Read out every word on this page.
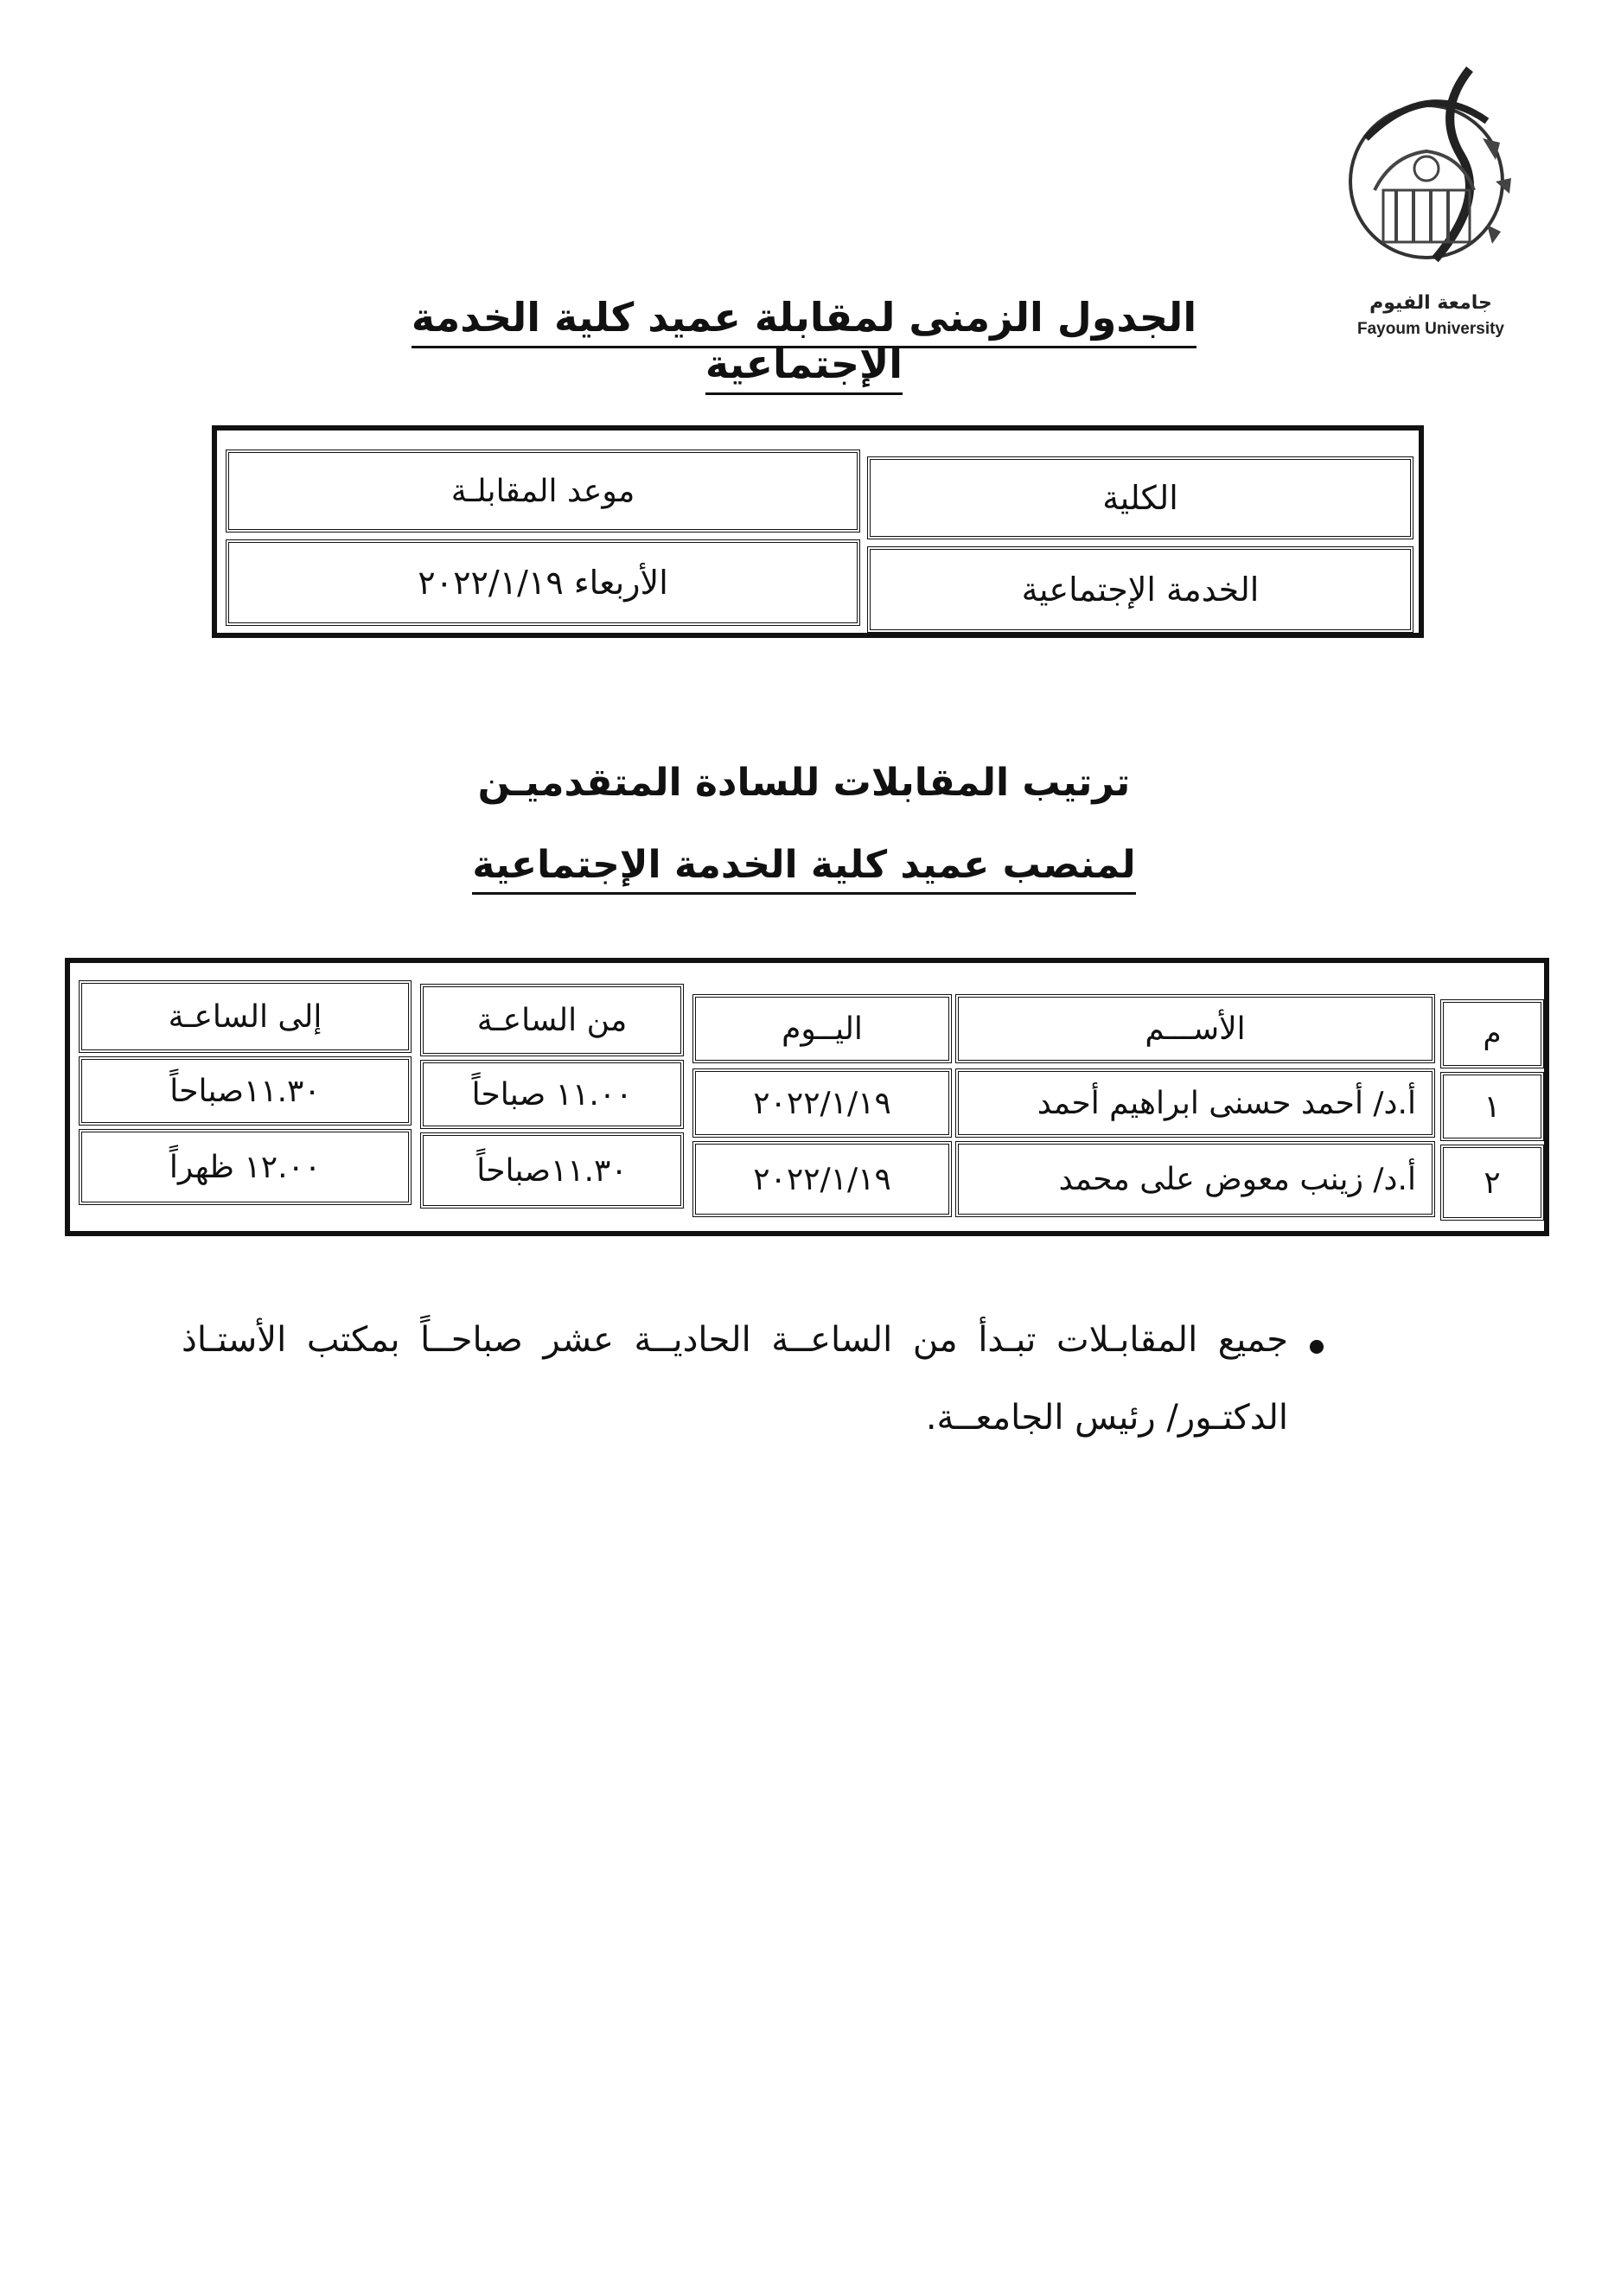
جامعة الفيوم
Fayoum University
الجدول الزمنى لمقابلة عميد كلية الخدمة الإجتماعية
الكلية
موعد المقابلـة
الخدمة الإجتماعية
الأربعاء ٢٠٢٢/١/١٩
ترتيب المقابلات للسادة المتقدميـن
لمنصب عميد كلية الخدمة الإجتماعية
م
الأســـم
اليــوم
من الساعـة
إلى الساعـة
١
أ.د/ أحمد حسنى ابراهيم أحمد
٢٠٢٢/١/١٩
١١.٠٠ صباحاً
١١.٣٠صباحاً
٢
أ.د/ زينب معوض على محمد
٢٠٢٢/١/١٩
١١.٣٠صباحاً
١٢.٠٠ ظهراً
جميع المقابـلات تبـدأ من الساعــة الحاديــة عشر صباحــاً بمكتب الأستـاذ الدكتـور/ رئيس الجامعــة.
